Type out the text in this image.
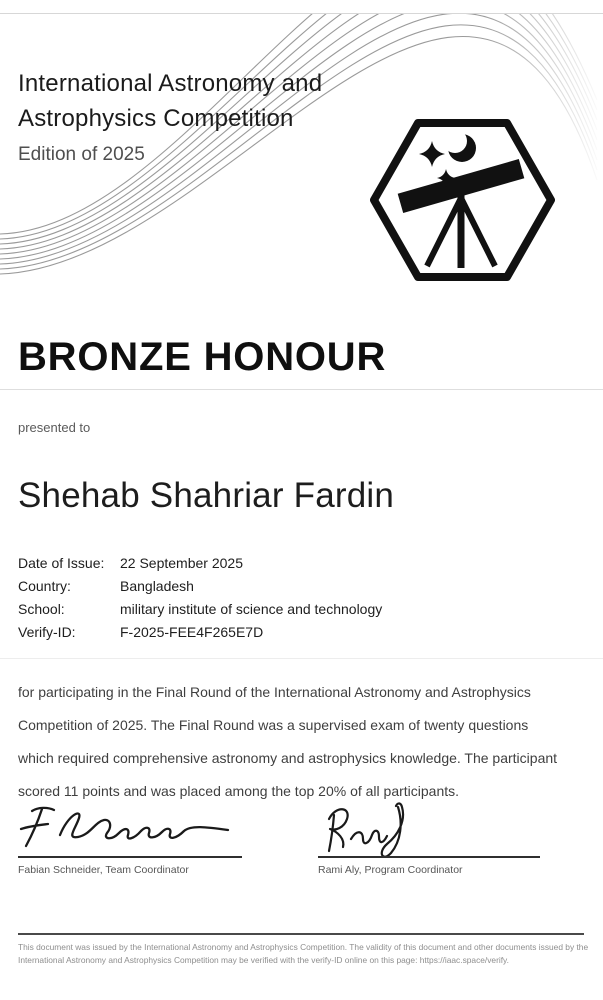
International Astronomy and Astrophysics Competition
Edition of 2025
BRONZE HONOUR
presented to
Shehab Shahriar Fardin
Date of Issue:	22 September 2025
Country:	Bangladesh
School:	military institute of science and technology
Verify-ID:	F-2025-FEE4F265E7D
for participating in the Final Round of the International Astronomy and Astrophysics Competition of 2025. The Final Round was a supervised exam of twenty questions which required comprehensive astronomy and astrophysics knowledge. The participant scored 11 points and was placed among the top 20% of all participants.
Fabian Schneider, Team Coordinator	Rami Aly, Program Coordinator
This document was issued by the International Astronomy and Astrophysics Competition. The validity of this document and other documents issued by the International Astronomy and Astrophysics Competition may be verified with the verify-ID online on this page: https://iaac.space/verify.
